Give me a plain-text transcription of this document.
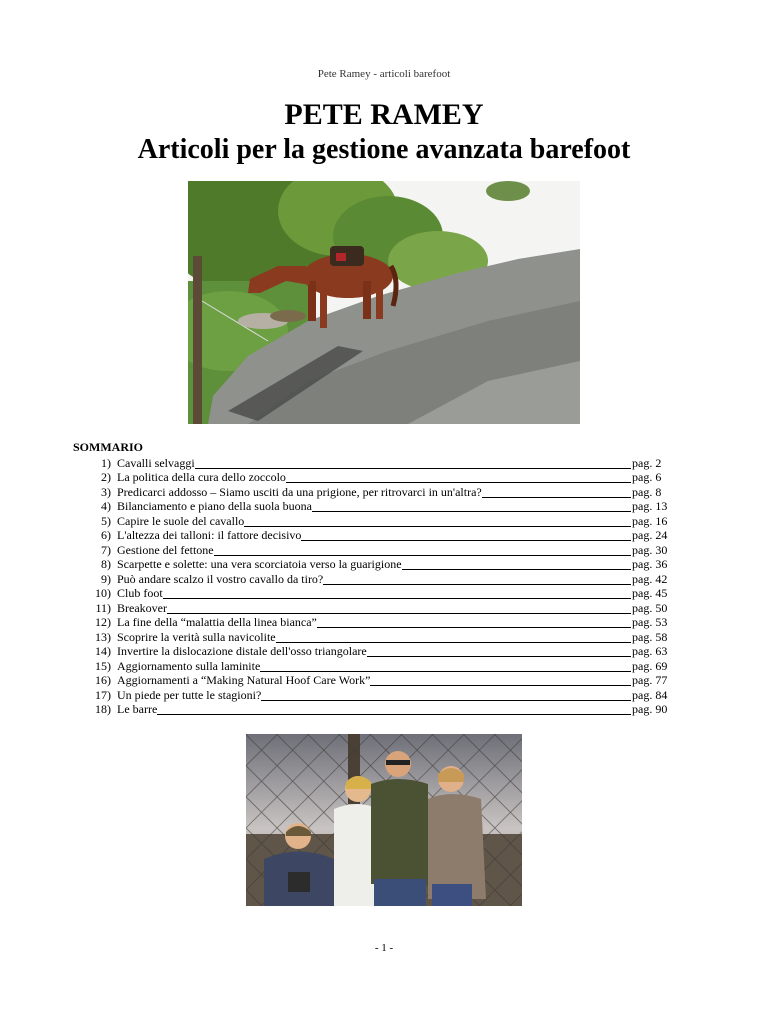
Pete Ramey - articoli barefoot
PETE RAMEY
Articoli per la gestione avanzata barefoot
SOMMARIO
1) Cavalli selvaggi	pag. 2
2) La politica della cura dello zoccolo	pag. 6
3) Predicarci addosso – Siamo usciti da una prigione, per ritrovarci in un'altra?	pag. 8
4) Bilanciamento e piano della suola buona	pag. 13
5) Capire le suole del cavallo	pag. 16
6) L'altezza dei talloni: il fattore decisivo	pag. 24
7) Gestione del fettone	pag. 30
8) Scarpette e solette: una vera scorciatoia verso la guarigione	pag. 36
9) Può andare scalzo il vostro cavallo da tiro?	pag. 42
10) Club foot	pag. 45
11) Breakover	pag. 50
12) La fine della “malattia della linea bianca”	pag. 53
13) Scoprire la verità sulla navicolite	pag. 58
14) Invertire la dislocazione distale dell'osso triangolare	pag. 63
15) Aggiornamento sulla laminite	pag. 69
16) Aggiornamenti a “Making Natural Hoof Care Work”	pag. 77
17) Un piede per tutte le stagioni?	pag. 84
18) Le barre	pag. 90
- 1 -
